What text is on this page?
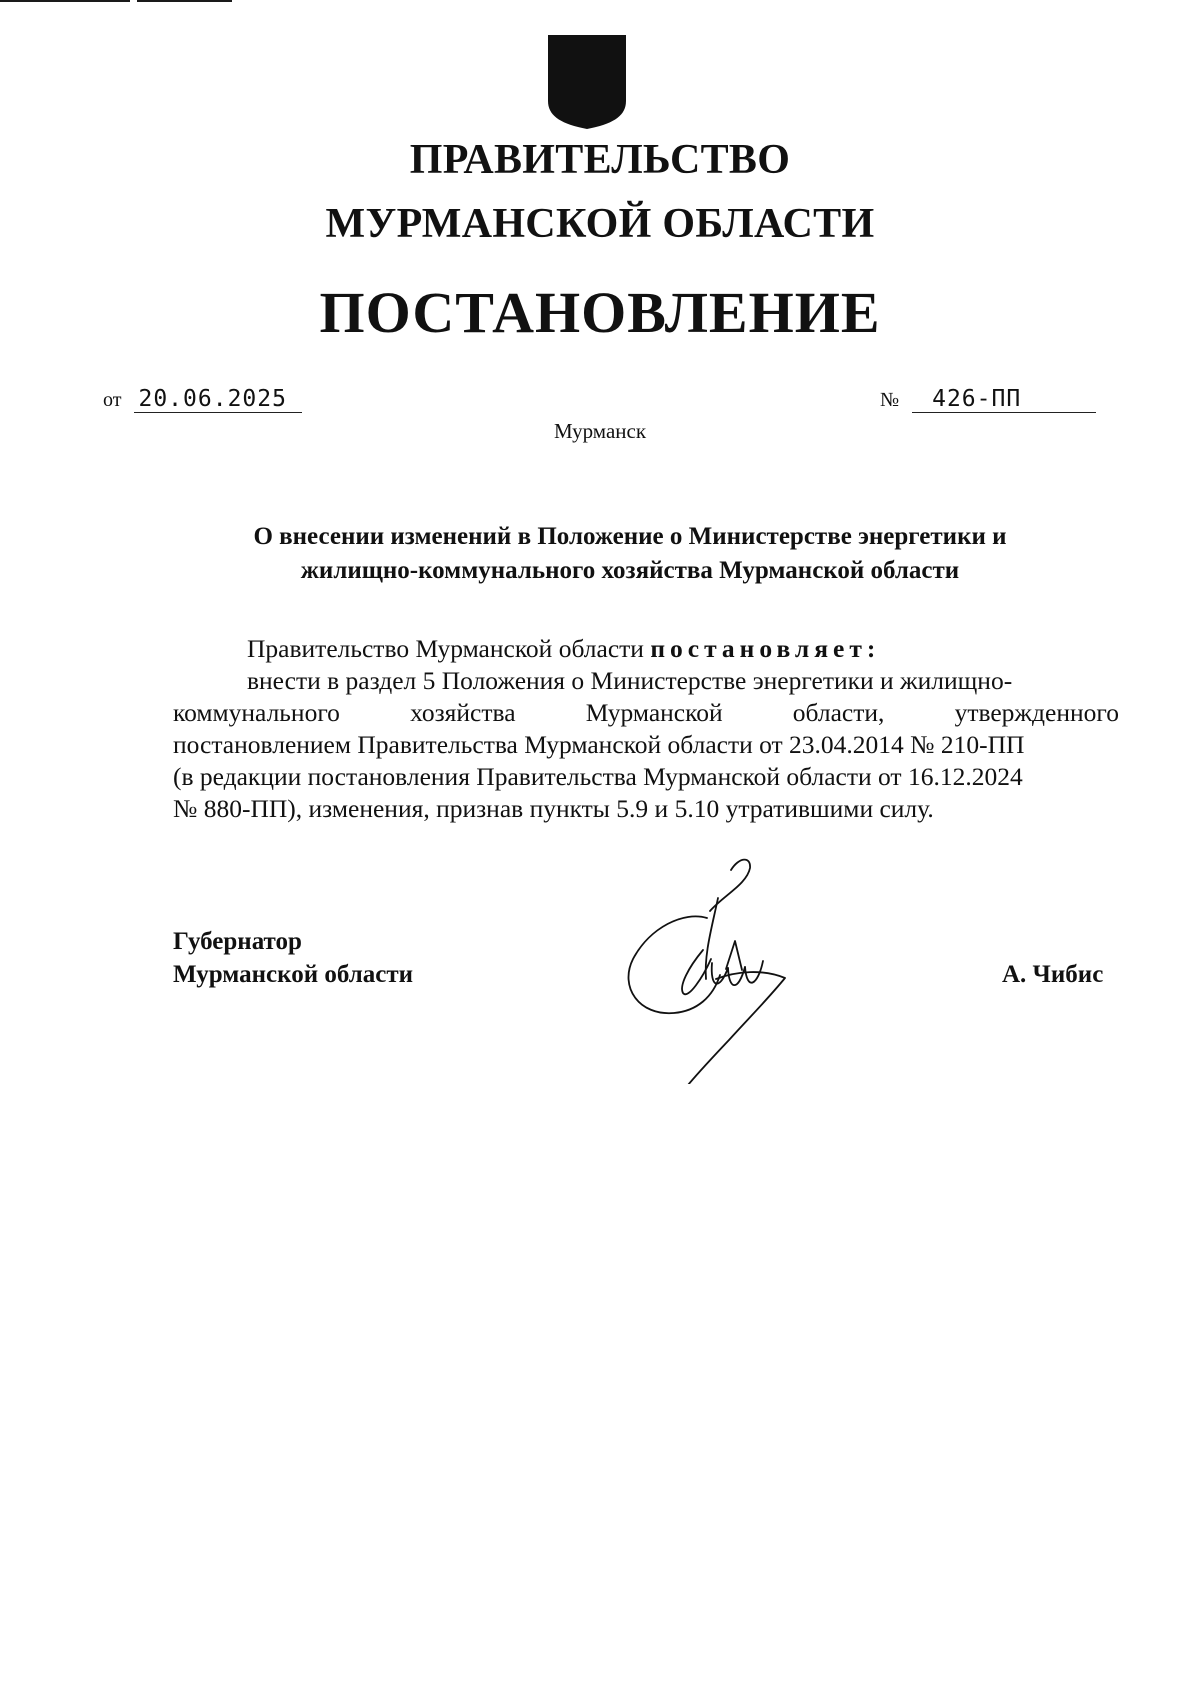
ПРАВИТЕЛЬСТВО
МУРМАНСКОЙ ОБЛАСТИ
ПОСТАНОВЛЕНИЕ
от 20.06.2025	№ 426-ПП
Мурманск
О внесении изменений в Положение о Министерстве энергетики и
жилищно-коммунального хозяйства Мурманской области
Правительство Мурманской области постановляет:
внести в раздел 5 Положения о Министерстве энергетики и жилищно-
коммунального	хозяйства	Мурманской	области,	утвержденного
постановлением Правительства Мурманской области от 23.04.2014 № 210-ПП
(в редакции постановления Правительства Мурманской области от 16.12.2024
№ 880-ПП), изменения, признав пункты 5.9 и 5.10 утратившими силу.
Губернатор
Мурманской области	А. Чибис
